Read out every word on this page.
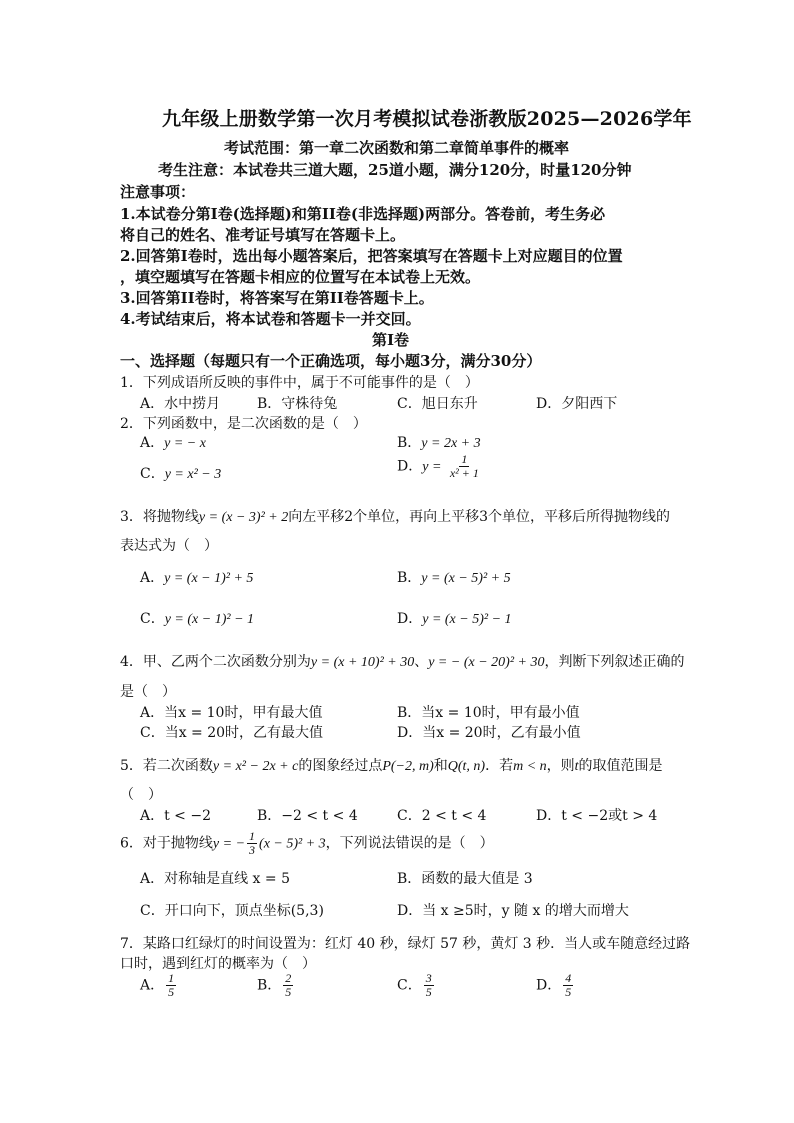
九年级上册数学第一次月考模拟试卷浙教版2025—2026学年
考试范围：第一章二次函数和第二章简单事件的概率
考生注意：本试卷共三道大题，25道小题，满分120分，时量120分钟
注意事项：
1.本试卷分第Ⅰ卷(选择题)和第II卷(非选择题)两部分。答卷前，考生务必
将自己的姓名、准考证号填写在答题卡上。
2.回答第Ⅰ卷时，选出每小题答案后，把答案填写在答题卡上对应题目的位置
，填空题填写在答题卡相应的位置写在本试卷上无效。
3.回答第II卷时，将答案写在第II卷答题卡上。
4.考试结束后，将本试卷和答题卡一并交回。
第Ⅰ卷
一、选择题（每题只有一个正确选项，每小题3分，满分30分）
1．下列成语所反映的事件中，属于不可能事件的是（　）
A．水中捞月	B．守株待兔	C．旭日东升	D．夕阳西下
2．下列函数中，是二次函数的是（　）
A．y = − x	B．y = 2x + 3
C．y = x² − 3	D．$y = \frac{1}{\text{x² + 1}}$
3．将抛物线y = (x − 3)² + 2向左平移2个单位，再向上平移3个单位，平移后所得抛物线的
表达式为（　）
A．y = (x − 1)² + 5	B．y = (x − 5)² + 5
C．y = (x − 1)² − 1	D．y = (x − 5)² − 1
4．甲、乙两个二次函数分别为y = (x + 10)² + 30、y = − (x − 20)² + 30，判断下列叙述正确的
是（　）
A．当x = 10时，甲有最大值	B．当x = 10时，甲有最小值
C．当x = 20时，乙有最大值	D．当x = 20时，乙有最小值
5．若二次函数y = x² − 2x + c的图象经过点P(−2, m)和Q(t, n)．若m < n，则t的取值范围是
（　）
A．t < −2	B．−2 < t < 4	C．2 < t < 4	D．t < −2或t > 4
6．对于抛物线y = − $\frac{1}{3} (x - 5)^2 + 3$，下列说法错误的是（　）
A．对称轴是直线 x = 5	B．函数的最大值是 3
C．开口向下，顶点坐标(5,3)	D．当 x ≥5时，y 随 x 的增大而增大
7．某路口红绿灯的时间设置为：红灯 40 秒，绿灯 57 秒，黄灯 3 秒．当人或车随意经过路
口时，遇到红灯的概率为（　）
A． $\frac{1}{5}$	B． $\frac{2}{5}$	C． $\frac{3}{5}$	D． $\frac{4}{5}$
